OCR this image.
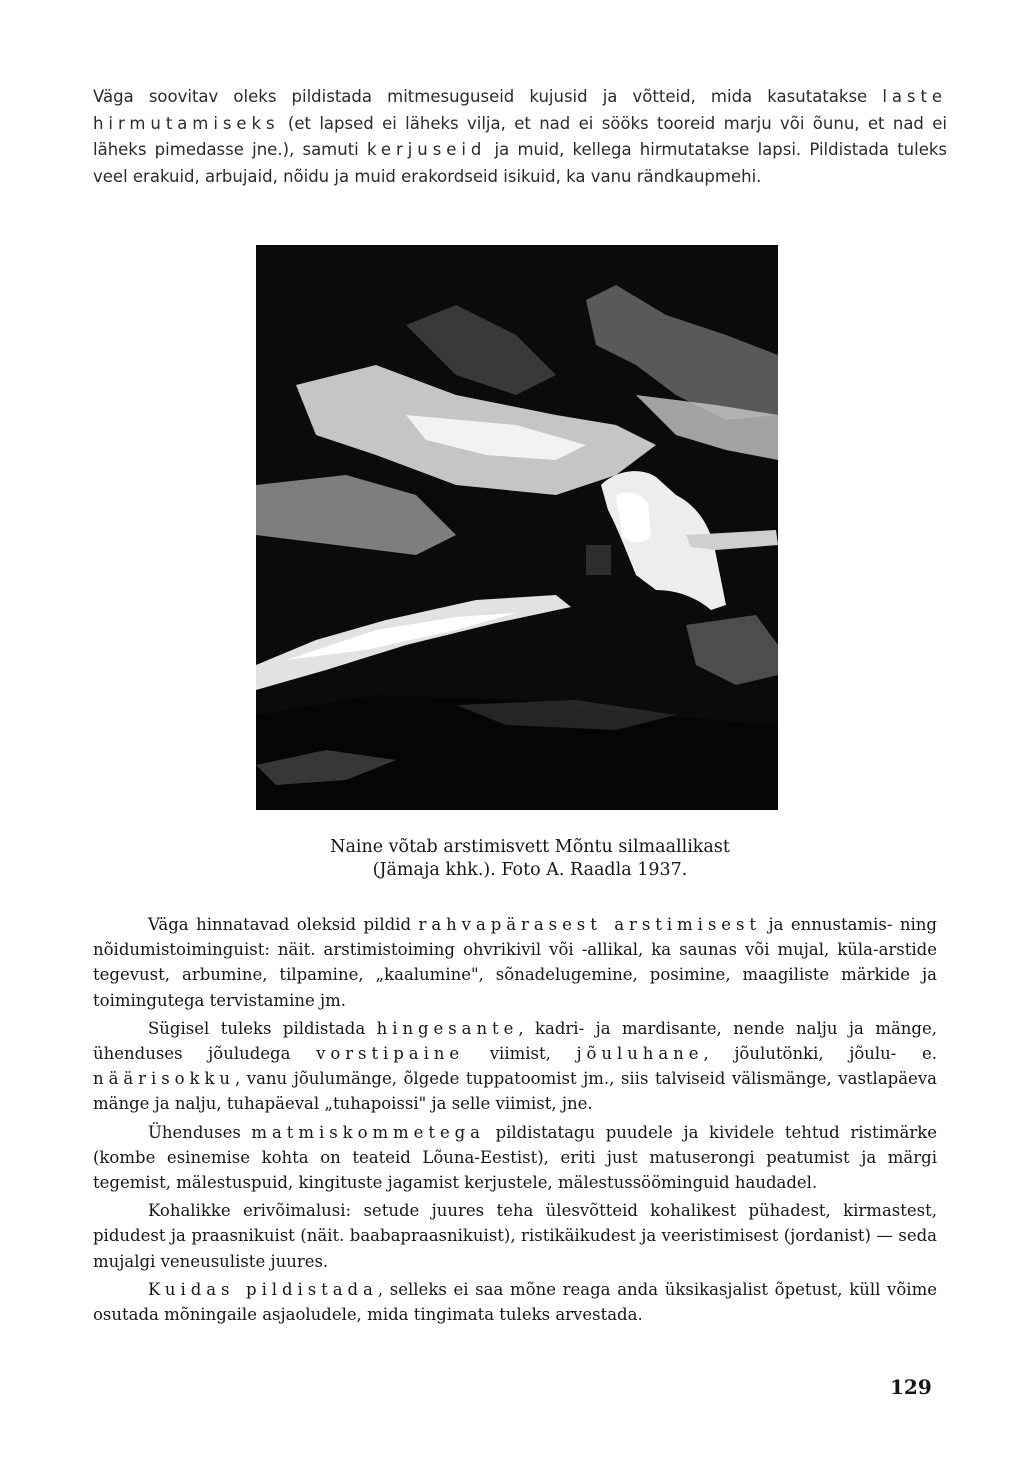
Väga soovitav oleks pildistada mitmesuguseid kujusid ja võtteid, mida kasutatakse laste hirmutamiseks (et lapsed ei läheks vilja, et nad ei sööks tooreid marju või õunu, et nad ei läheks pimedasse jne.), samuti kerjuseid ja muid, kellega hirmutatakse lapsi. Pildistada tuleks veel erakuid, arbujaid, nõidu ja muid erakordseid isikuid, ka vanu rändkaupmehi.

Naine võtab arstimisvett Mõntu silmaallikast
(Jämaja khk.). Foto A. Raadla 1937.

Väga hinnatavad oleksid pildid rahvapärasest arstimisest ja ennustamis- ning nõidumistoiminguist: näit. arstimistoiming ohvrikivil või -allikal, ka saunas või mujal, küla-arstide tegevust, arbumine, tilpamine, „kaalumine", sõnadelugemine, posimine, maagiliste märkide ja toimingutega tervistamine jm.

Sügisel tuleks pildistada hingesante, kadri- ja mardisante, nende nalju ja mänge, ühenduses jõuludega vorstipaine viimist, jõuluhane, jõulutönki, jõulu- e. näärisokku, vanu jõulumänge, õlgede tuppatoomist jm., siis talviseid välismänge, vastlapäeva mänge ja nalju, tuhapäeval „tuhapoissi" ja selle viimist, jne.

Ühenduses matmiskommetega pildistatagu puudele ja kividele tehtud ristimärke (kombe esinemise kohta on teateid Lõuna-Eestist), eriti just matuserongi peatumist ja märgi tegemist, mälestuspuid, kingituste jagamist kerjustele, mälestussööminguid haudadel.

Kohalikke erivõimalusi: setude juures teha ülesvõtteid kohalikest pühadest, kirmastest, pidudest ja praasnikuist (näit. baabapraasnikuist), ristikäikudest ja veeristimisest (jordanist) — seda mujalgi veneusuliste juures.

Kuidas pildistada, selleks ei saa mõne reaga anda üksikasjalist õpetust, küll võime osutada mõningaile asjaoludele, mida tingimata tuleks arvestada.

129
